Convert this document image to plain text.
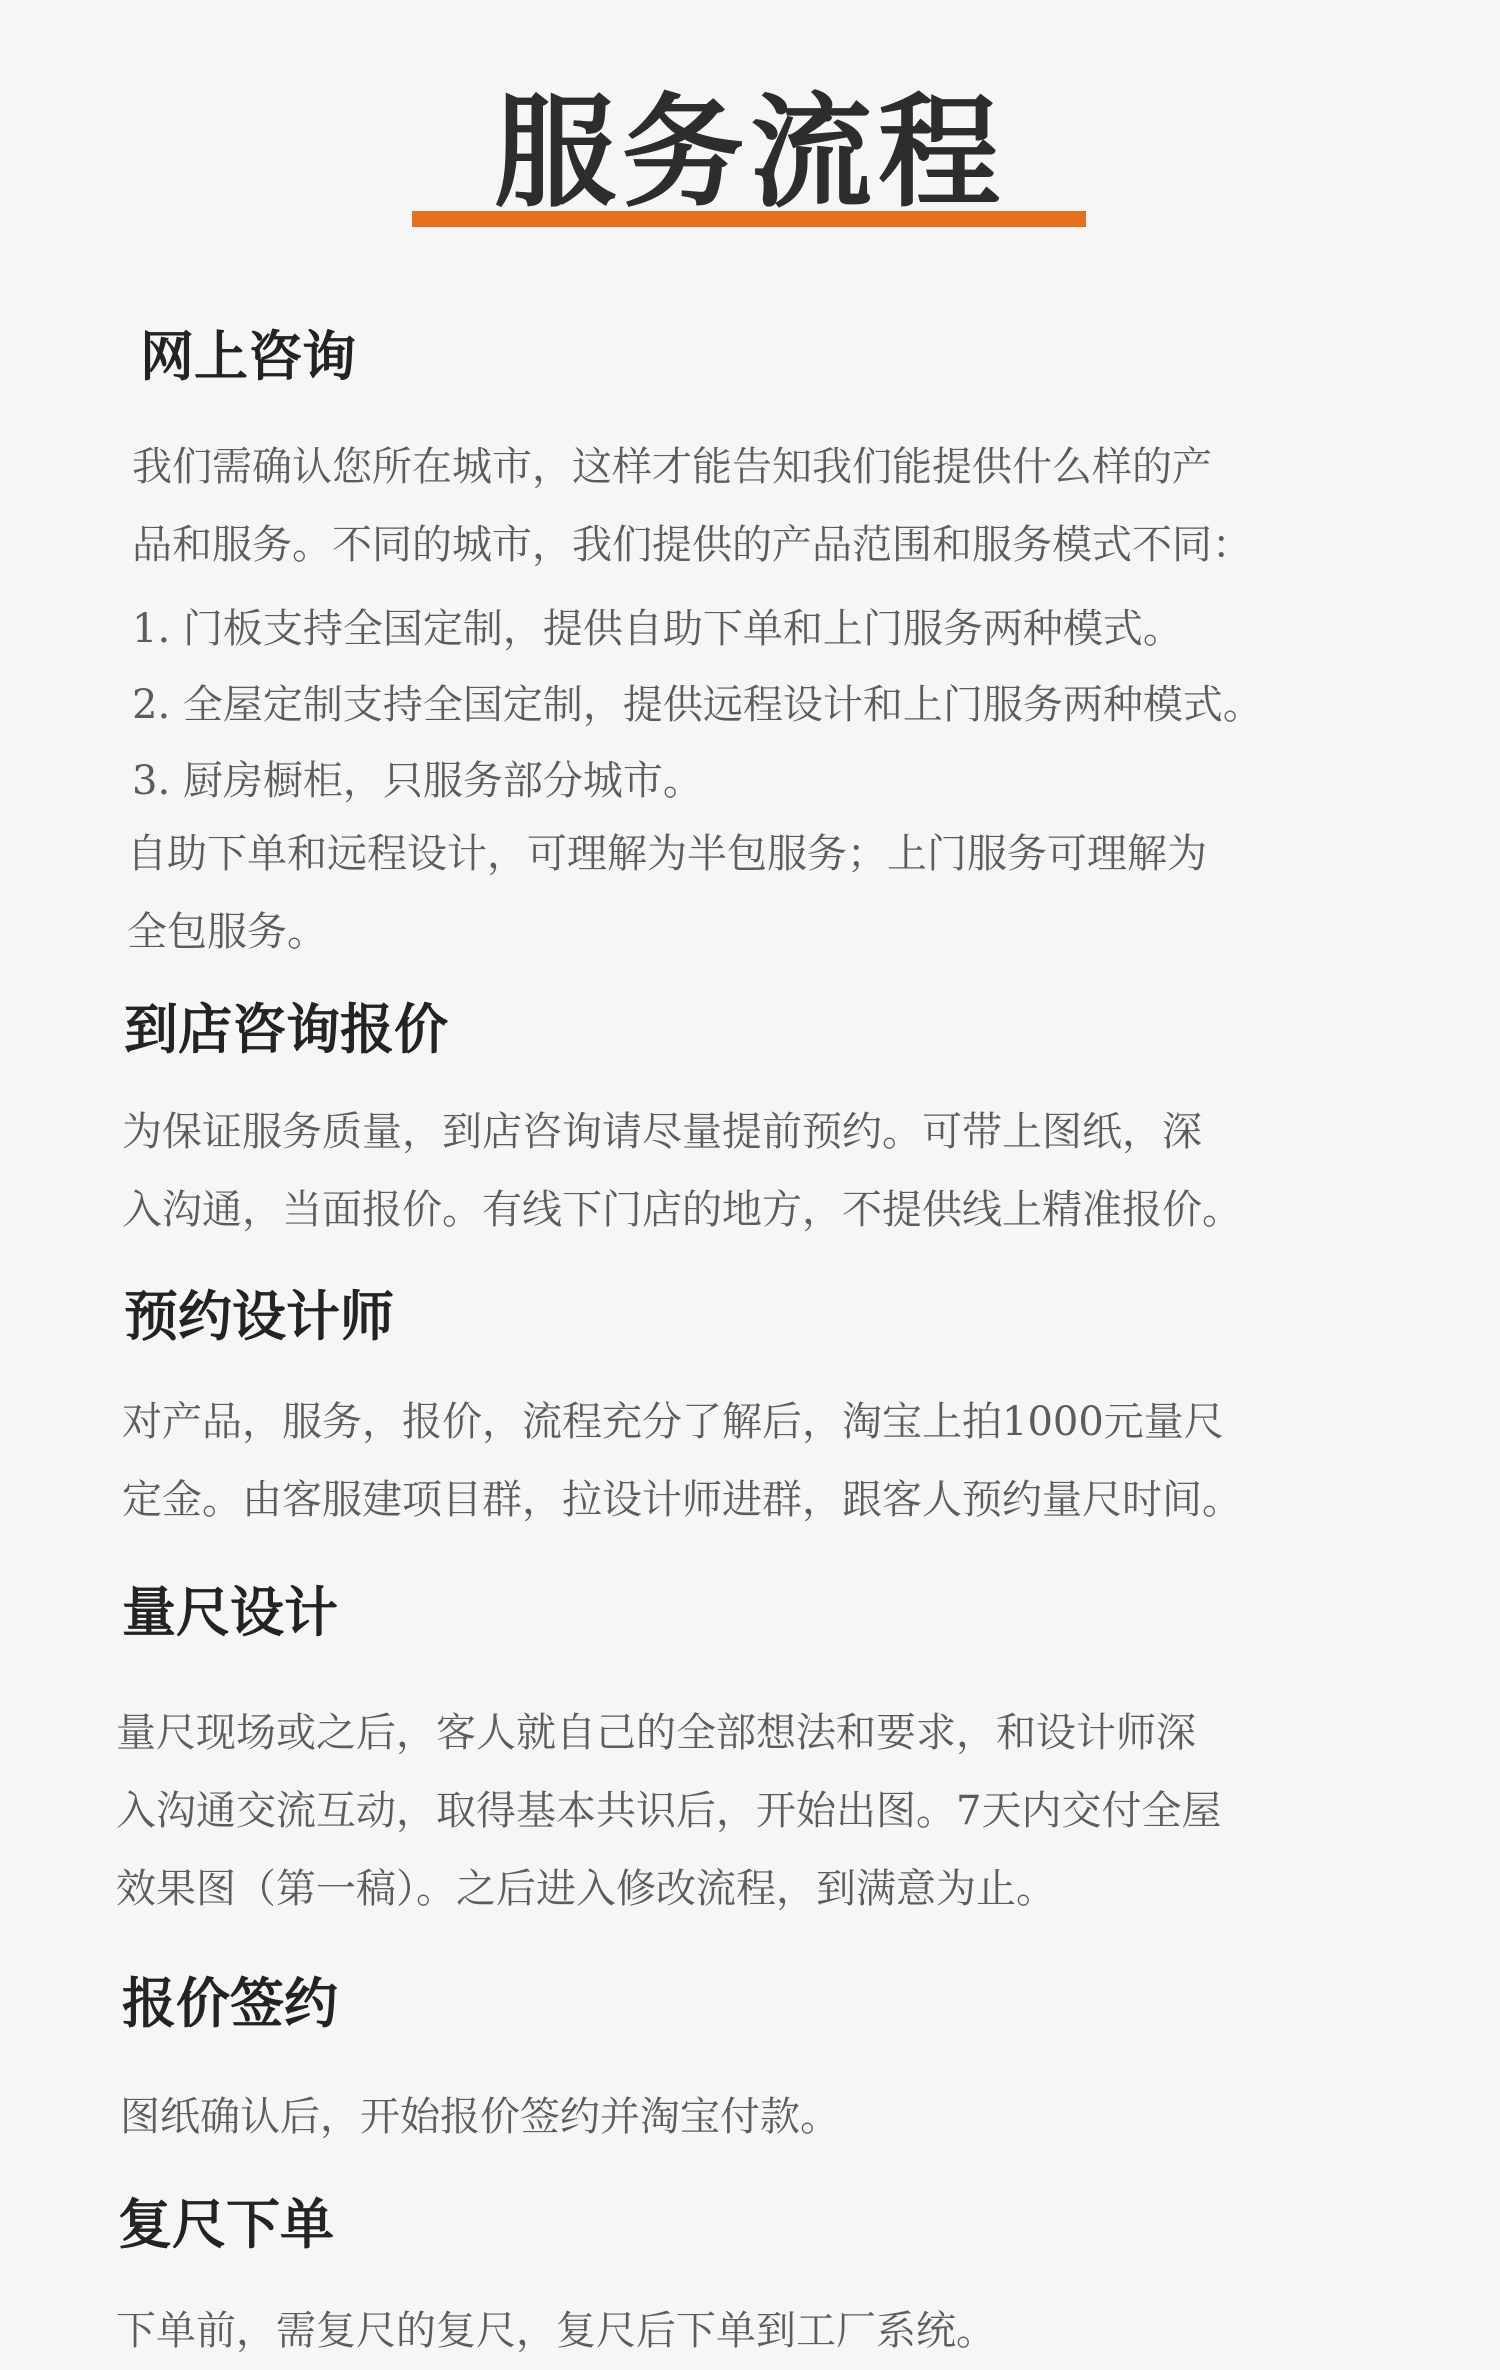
服务流程
网上咨询
我们需确认您所在城市，这样才能告知我们能提供什么样的产
品和服务。不同的城市，我们提供的产品范围和服务模式不同：
1. 门板支持全国定制，提供自助下单和上门服务两种模式。
2. 全屋定制支持全国定制，提供远程设计和上门服务两种模式。
3. 厨房橱柜，只服务部分城市。
自助下单和远程设计，可理解为半包服务；上门服务可理解为
全包服务。
到店咨询报价
为保证服务质量，到店咨询请尽量提前预约。可带上图纸，深
入沟通，当面报价。有线下门店的地方，不提供线上精准报价。
预约设计师
对产品，服务，报价，流程充分了解后，淘宝上拍1000元量尺
定金。由客服建项目群，拉设计师进群，跟客人预约量尺时间。
量尺设计
量尺现场或之后，客人就自己的全部想法和要求，和设计师深
入沟通交流互动，取得基本共识后，开始出图。7天内交付全屋
效果图（第一稿）。之后进入修改流程，到满意为止。
报价签约
图纸确认后，开始报价签约并淘宝付款。
复尺下单
下单前，需复尺的复尺，复尺后下单到工厂系统。
